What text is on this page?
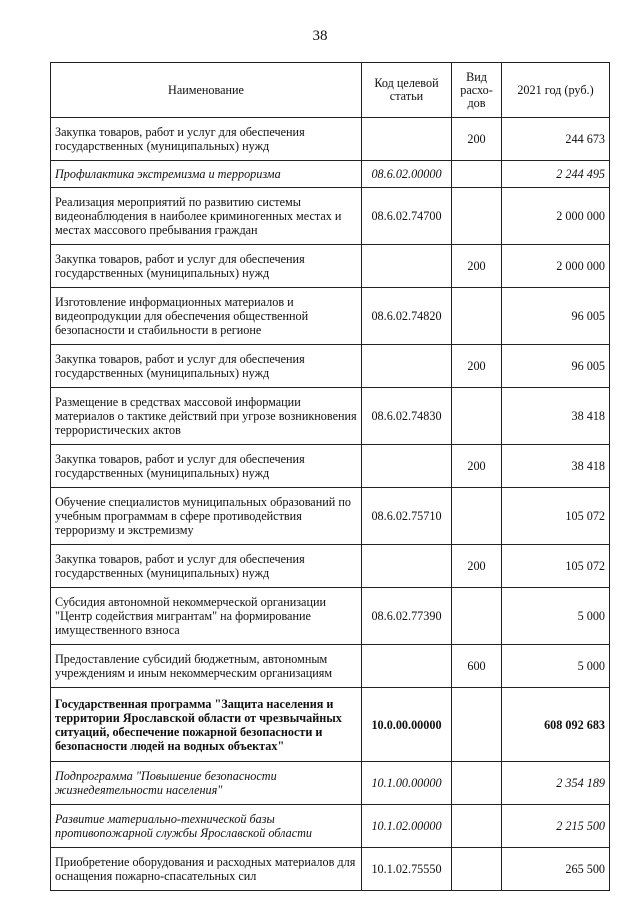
38
Наименование	Код целевой статьи	Вид расхо-дов	2021 год (руб.)
Закупка товаров, работ и услуг для обеспечения государственных (муниципальных) нужд		200	244 673
Профилактика экстремизма и терроризма	08.6.02.00000		2 244 495
Реализация мероприятий по развитию системы видеонаблюдения в наиболее криминогенных местах и местах массового пребывания граждан	08.6.02.74700		2 000 000
Закупка товаров, работ и услуг для обеспечения государственных (муниципальных) нужд		200	2 000 000
Изготовление информационных материалов и видеопродукции для обеспечения общественной безопасности и стабильности в регионе	08.6.02.74820		96 005
Закупка товаров, работ и услуг для обеспечения государственных (муниципальных) нужд		200	96 005
Размещение в средствах массовой информации материалов о тактике действий при угрозе возникновения террористических актов	08.6.02.74830		38 418
Закупка товаров, работ и услуг для обеспечения государственных (муниципальных) нужд		200	38 418
Обучение специалистов муниципальных образований по учебным программам в сфере противодействия терроризму и экстремизму	08.6.02.75710		105 072
Закупка товаров, работ и услуг для обеспечения государственных (муниципальных) нужд		200	105 072
Субсидия автономной некоммерческой организации "Центр содействия мигрантам" на формирование имущественного взноса	08.6.02.77390		5 000
Предоставление субсидий бюджетным, автономным учреждениям и иным некоммерческим организациям		600	5 000
Государственная программа "Защита населения и территории Ярославской области от чрезвычайных ситуаций, обеспечение пожарной безопасности и безопасности людей на водных объектах"	10.0.00.00000		608 092 683
Подпрограмма "Повышение безопасности жизнедеятельности населения"	10.1.00.00000		2 354 189
Развитие материально-технической базы противопожарной службы Ярославской области	10.1.02.00000		2 215 500
Приобретение оборудования и расходных материалов для оснащения пожарно-спасательных сил	10.1.02.75550		265 500
